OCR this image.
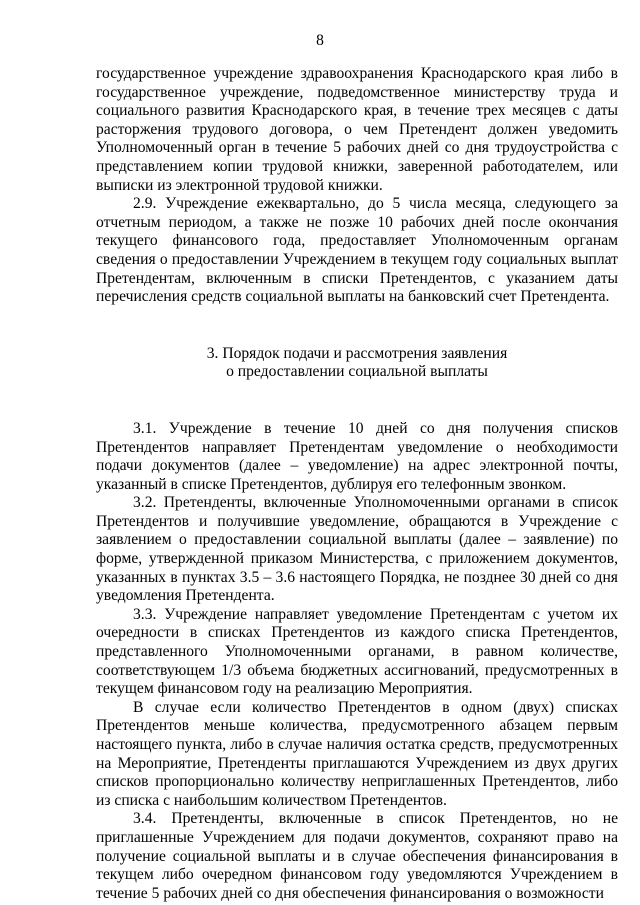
8

государственное учреждение здравоохранения Краснодарского края либо в государственное учреждение, подведомственное министерству труда и социального развития Краснодарского края, в течение трех месяцев с даты расторжения трудового договора, о чем Претендент должен уведомить Уполномоченный орган в течение 5 рабочих дней со дня трудоустройства с представлением копии трудовой книжки, заверенной работодателем, или выписки из электронной трудовой книжки.

2.9. Учреждение ежеквартально, до 5 числа месяца, следующего за отчетным периодом, а также не позже 10 рабочих дней после окончания текущего финансового года, предоставляет Уполномоченным органам сведения о предоставлении Учреждением в текущем году социальных выплат Претендентам, включенным в списки Претендентов, с указанием даты перечисления средств социальной выплаты на банковский счет Претендента.

3. Порядок подачи и рассмотрения заявления
о предоставлении социальной выплаты

3.1. Учреждение в течение 10 дней со дня получения списков Претендентов направляет Претендентам уведомление о необходимости подачи документов (далее – уведомление) на адрес электронной почты, указанный в списке Претендентов, дублируя его телефонным звонком.

3.2. Претенденты, включенные Уполномоченными органами в список Претендентов и получившие уведомление, обращаются в Учреждение с заявлением о предоставлении социальной выплаты (далее – заявление) по форме, утвержденной приказом Министерства, с приложением документов, указанных в пунктах 3.5 – 3.6 настоящего Порядка, не позднее 30 дней со дня уведомления Претендента.

3.3. Учреждение направляет уведомление Претендентам с учетом их очередности в списках Претендентов из каждого списка Претендентов, представленного Уполномоченными органами, в равном количестве, соответствующем 1/3 объема бюджетных ассигнований, предусмотренных в текущем финансовом году на реализацию Мероприятия.

В случае если количество Претендентов в одном (двух) списках Претендентов меньше количества, предусмотренного абзацем первым настоящего пункта, либо в случае наличия остатка средств, предусмотренных на Мероприятие, Претенденты приглашаются Учреждением из двух других списков пропорционально количеству неприглашенных Претендентов, либо из списка с наибольшим количеством Претендентов.

3.4. Претенденты, включенные в список Претендентов, но не приглашенные Учреждением для подачи документов, сохраняют право на получение социальной выплаты и в случае обеспечения финансирования в текущем либо очередном финансовом году уведомляются Учреждением в течение 5 рабочих дней со дня обеспечения финансирования о возможности
